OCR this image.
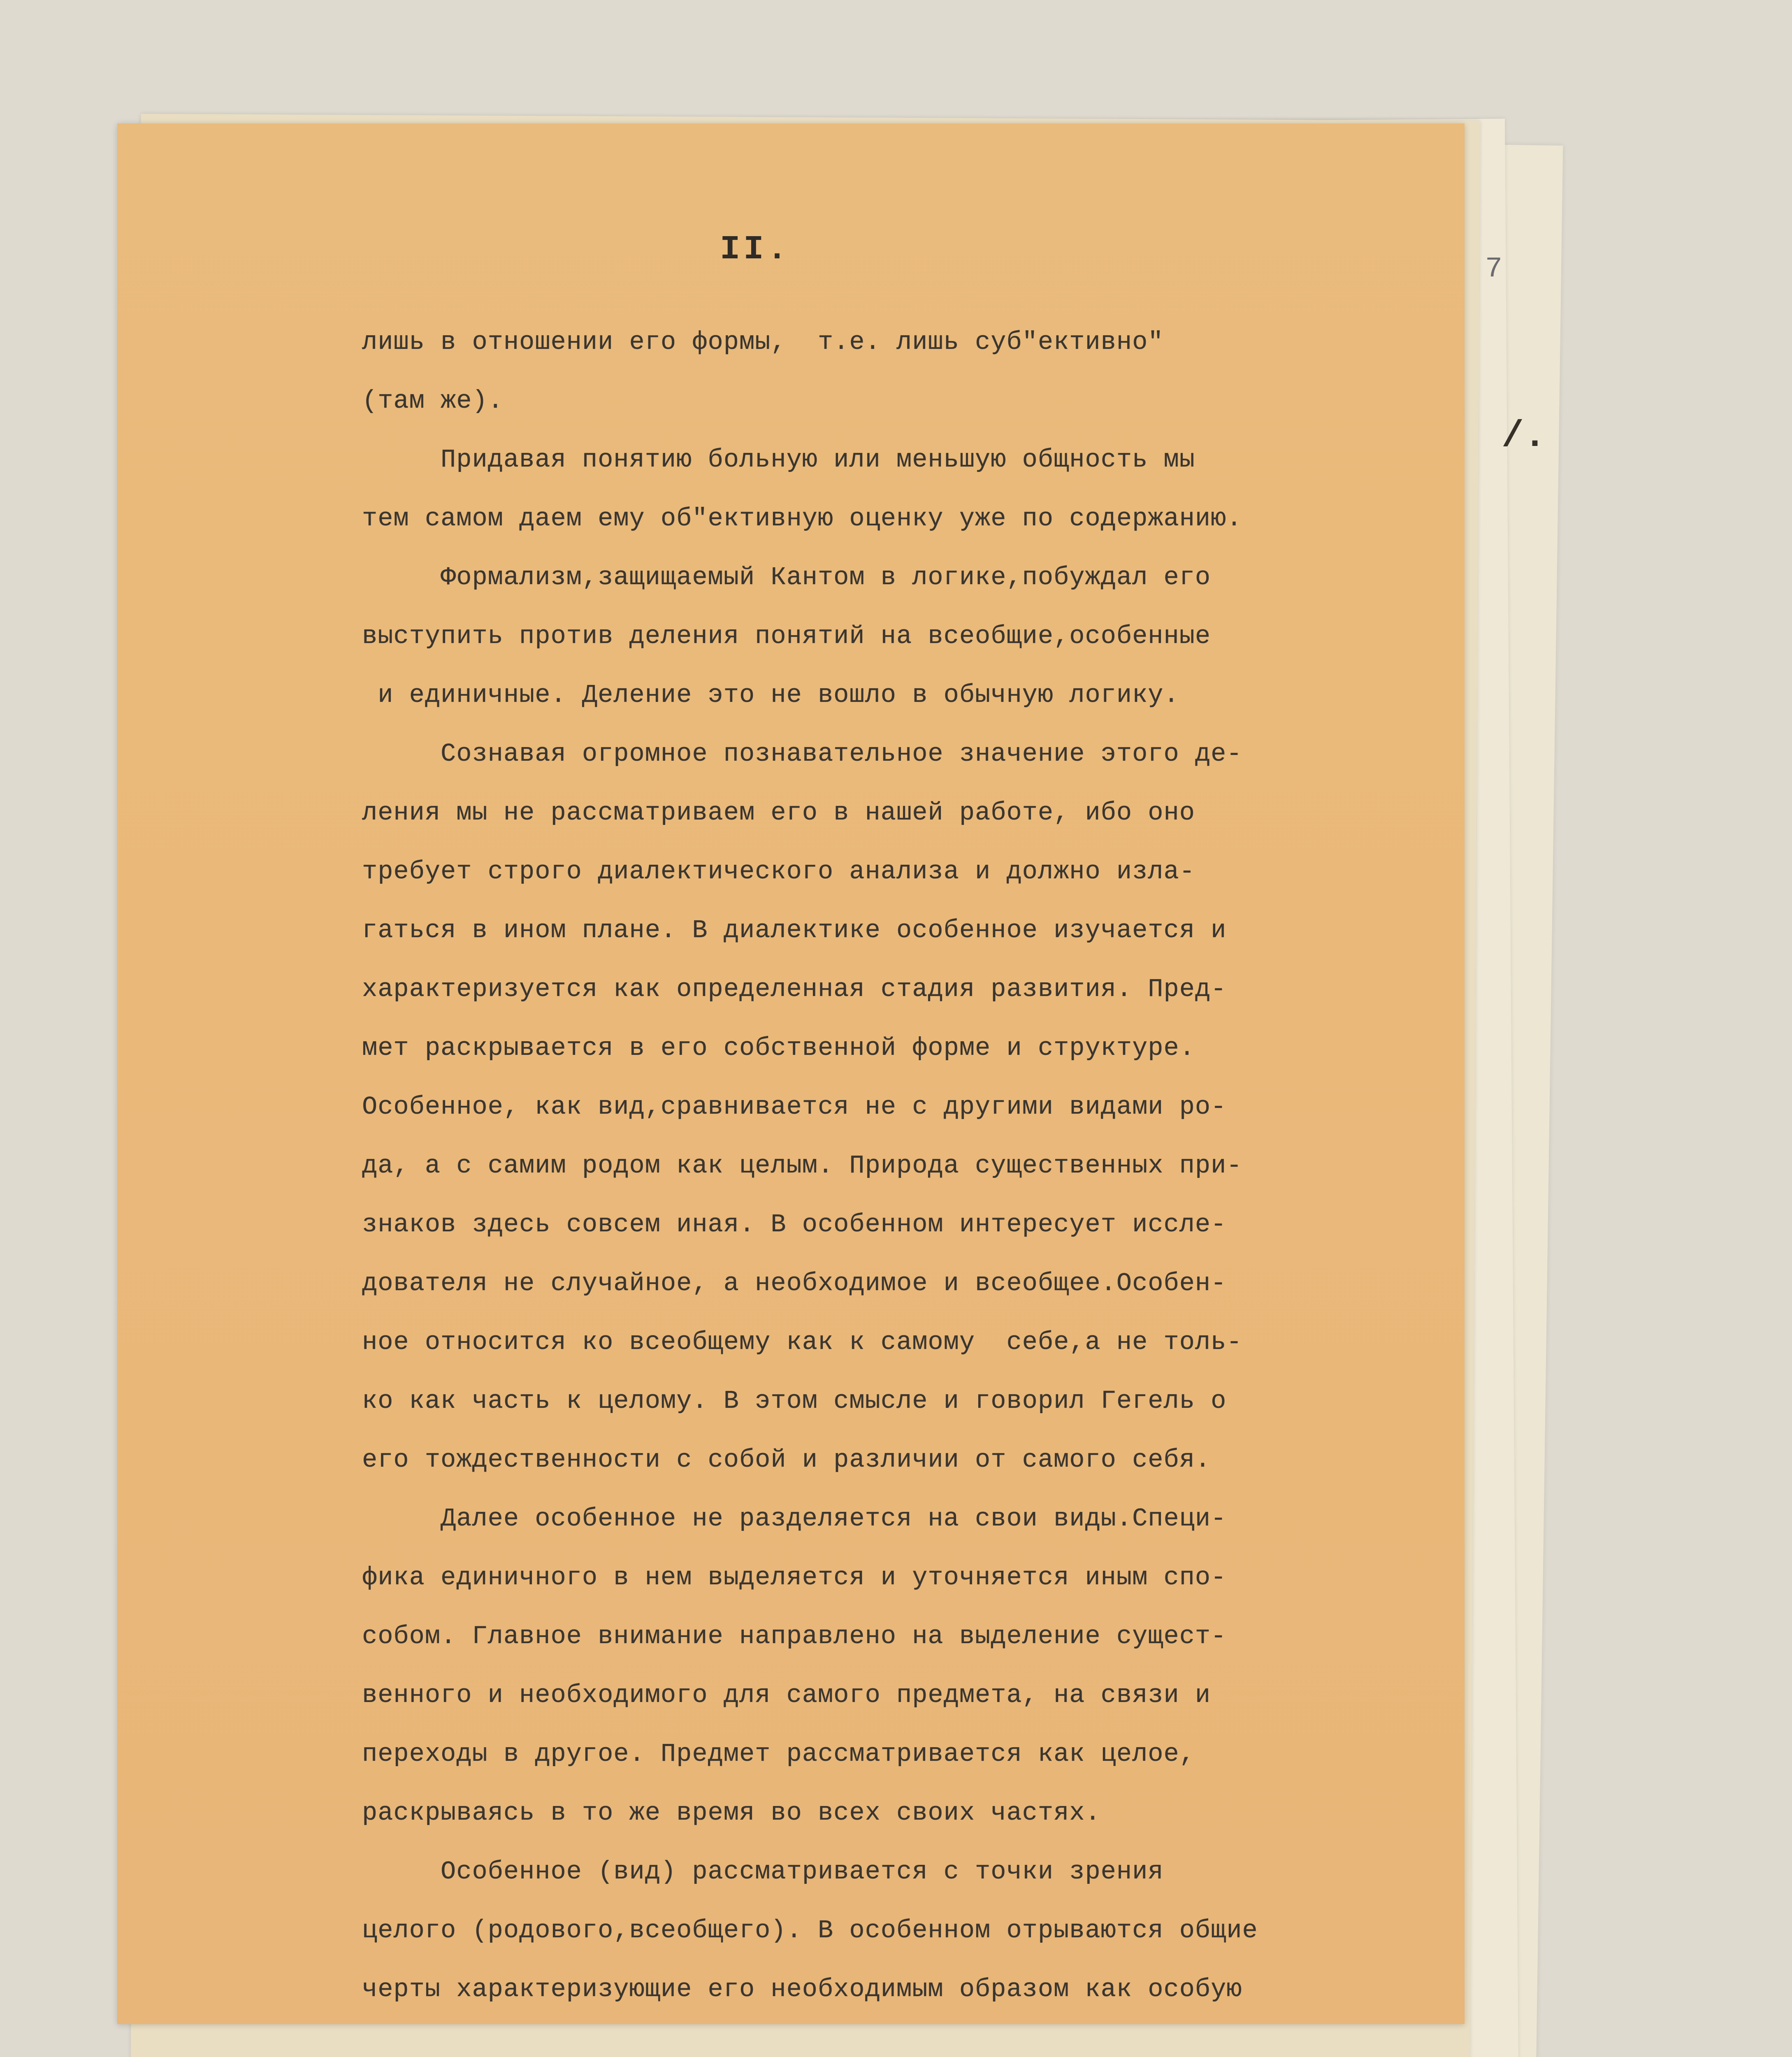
7
/.
II.
лишь в отношении его формы,  т.е. лишь суб"ективно"
(там же).
Придавая понятию больную или меньшую общность мы
тем самом даем ему об"ективную оценку уже по содержанию.
Формализм,защищаемый Кантом в логике,побуждал его
выступить против деления понятий на всеобщие,особенные
и единичные. Деление это не вошло в обычную логику.
Сознавая огромное познавательное значение этого де-
ления мы не рассматриваем его в нашей работе, ибо оно
требует строго диалектического анализа и должно изла-
гаться в ином плане. В диалектике особенное изучается и
характеризуется как определенная стадия развития. Пред-
мет раскрывается в его собственной форме и структуре.
Особенное, как вид,сравнивается не с другими видами ро-
да, а с самим родом как целым. Природа существенных при-
знаков здесь совсем иная. В особенном интересует иссле-
дователя не случайное, а необходимое и всеобщее.Особен-
ное относится ко всеобщему как к самому  себе,а не толь-
ко как часть к целому. В этом смысле и говорил Гегель о
его тождественности с собой и различии от самого себя.
Далее особенное не разделяется на свои виды.Специ-
фика единичного в нем выделяется и уточняется иным спо-
собом. Главное внимание направлено на выделение сущест-
венного и необходимого для самого предмета, на связи и
переходы в другое. Предмет рассматривается как целое,
раскрываясь в то же время во всех своих частях.
Особенное (вид) рассматривается с точки зрения
целого (родового,всеобщего). В особенном отрываются общие
черты характеризующие его необходимым образом как особую
